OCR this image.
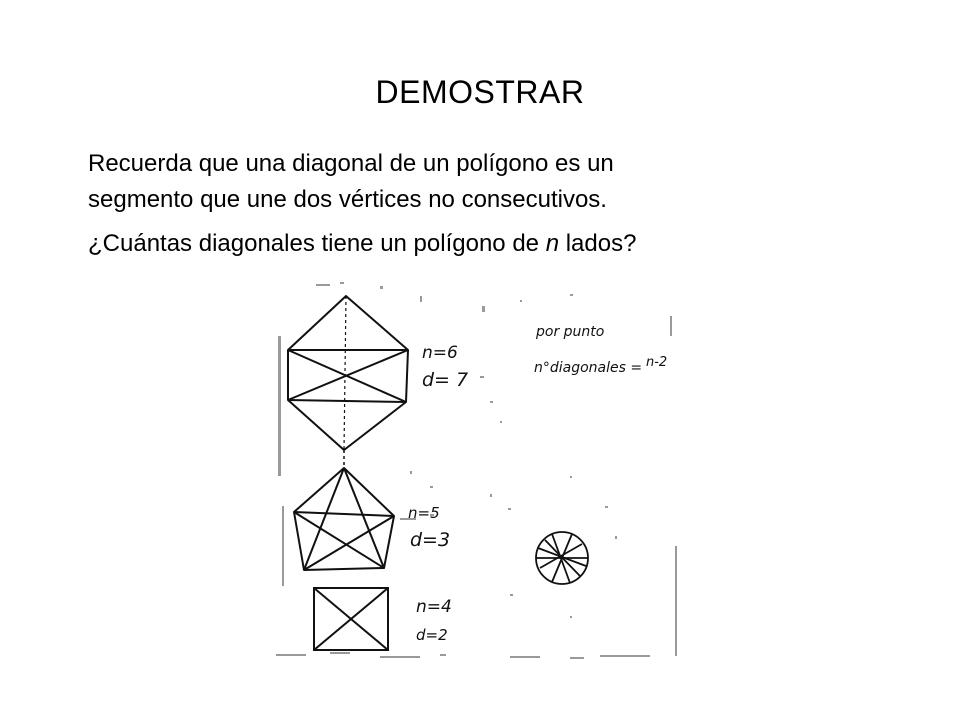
DEMOSTRAR

Recuerda que una diagonal de un polígono es un

segmento que une dos vértices no consecutivos.

¿Cuántas diagonales tiene un polígono de n lados?

n=6
d= 7
n=5
d=3
n=4
d=2
por punto
n°diagonales = n-2
